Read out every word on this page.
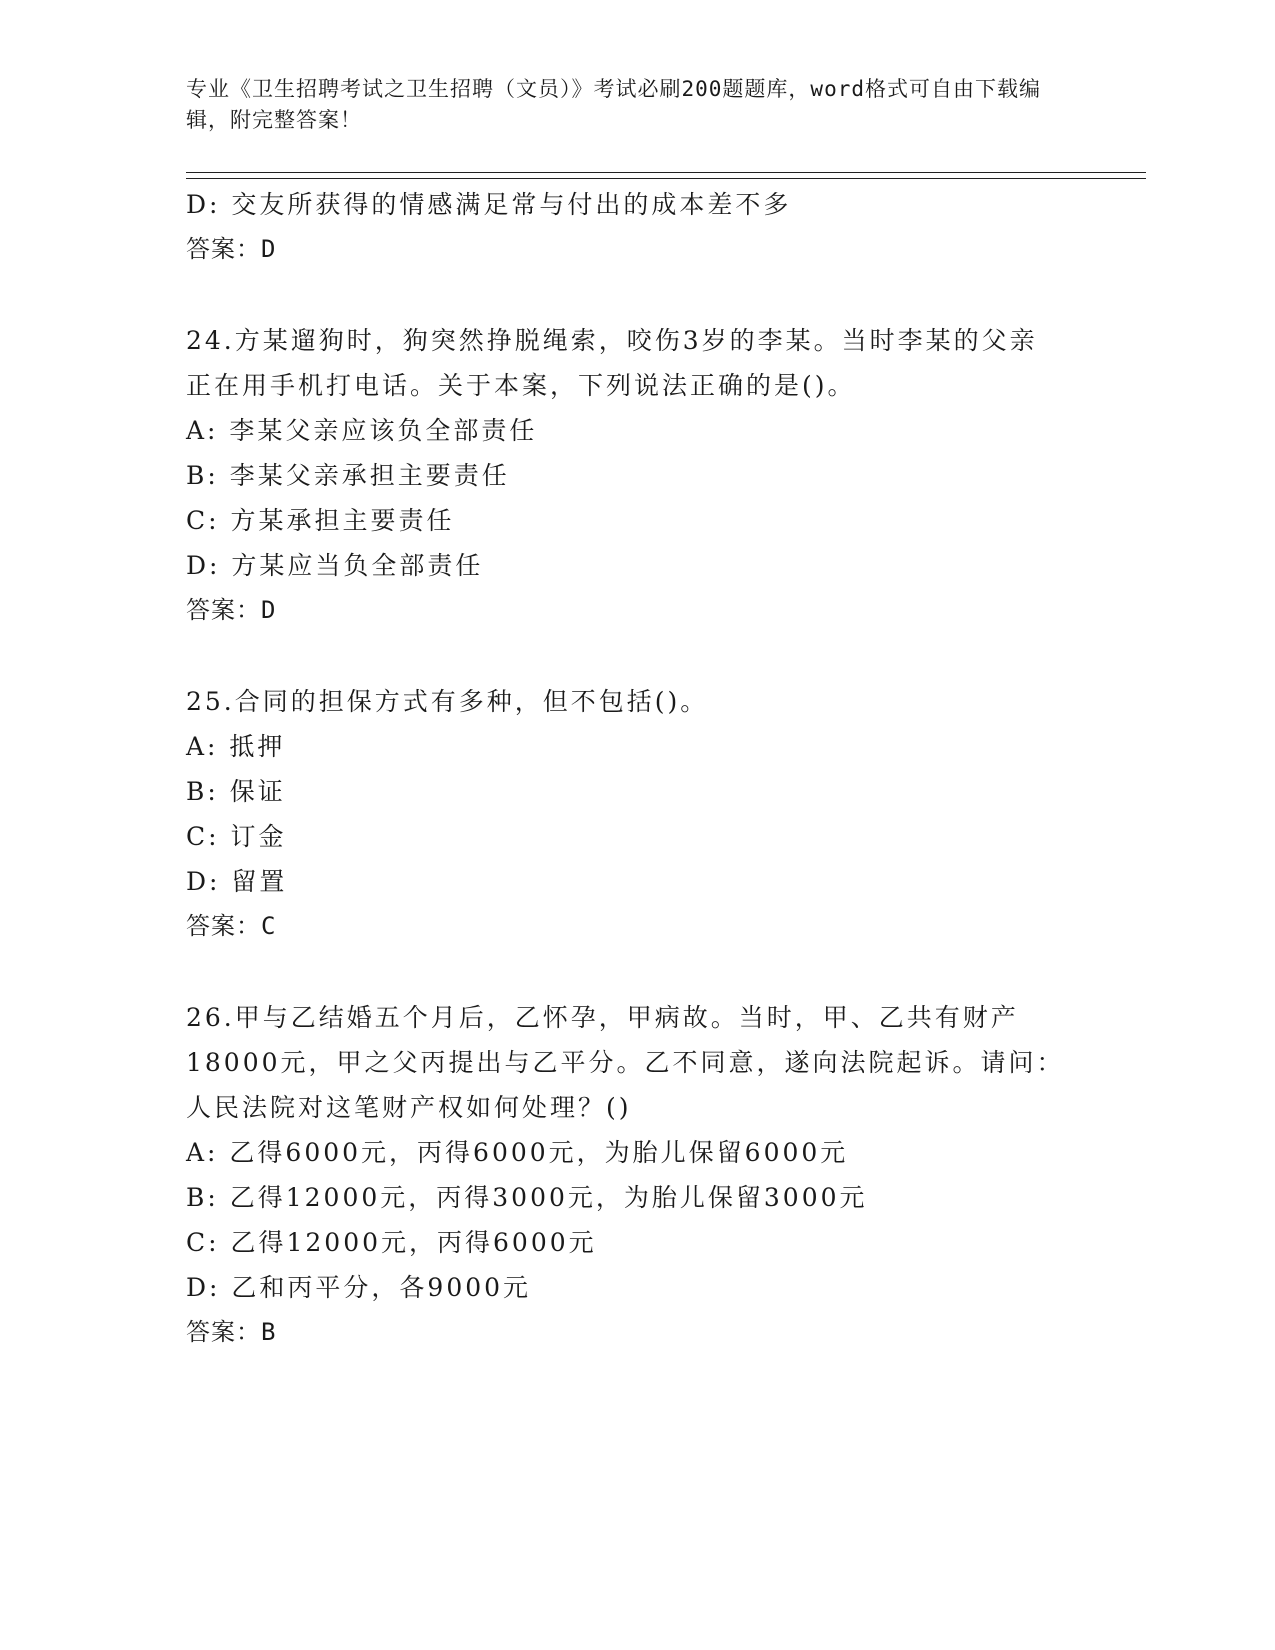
专业《卫生招聘考试之卫生招聘（文员）》考试必刷200题题库，word格式可自由下载编辑，附完整答案！
D: 交友所获得的情感满足常与付出的成本差不多
答案：D
24.方某遛狗时，狗突然挣脱绳索，咬伤3岁的李某。当时李某的父亲
正在用手机打电话。关于本案，下列说法正确的是()。
A: 李某父亲应该负全部责任
B: 李某父亲承担主要责任
C: 方某承担主要责任
D: 方某应当负全部责任
答案：D
25.合同的担保方式有多种，但不包括()。
A: 抵押
B: 保证
C: 订金
D: 留置
答案：C
26.甲与乙结婚五个月后，乙怀孕，甲病故。当时，甲、乙共有财产
18000元，甲之父丙提出与乙平分。乙不同意，遂向法院起诉。请问：
人民法院对这笔财产权如何处理？()
A: 乙得6000元，丙得6000元，为胎儿保留6000元
B: 乙得12000元，丙得3000元，为胎儿保留3000元
C: 乙得12000元，丙得6000元
D: 乙和丙平分，各9000元
答案：B
